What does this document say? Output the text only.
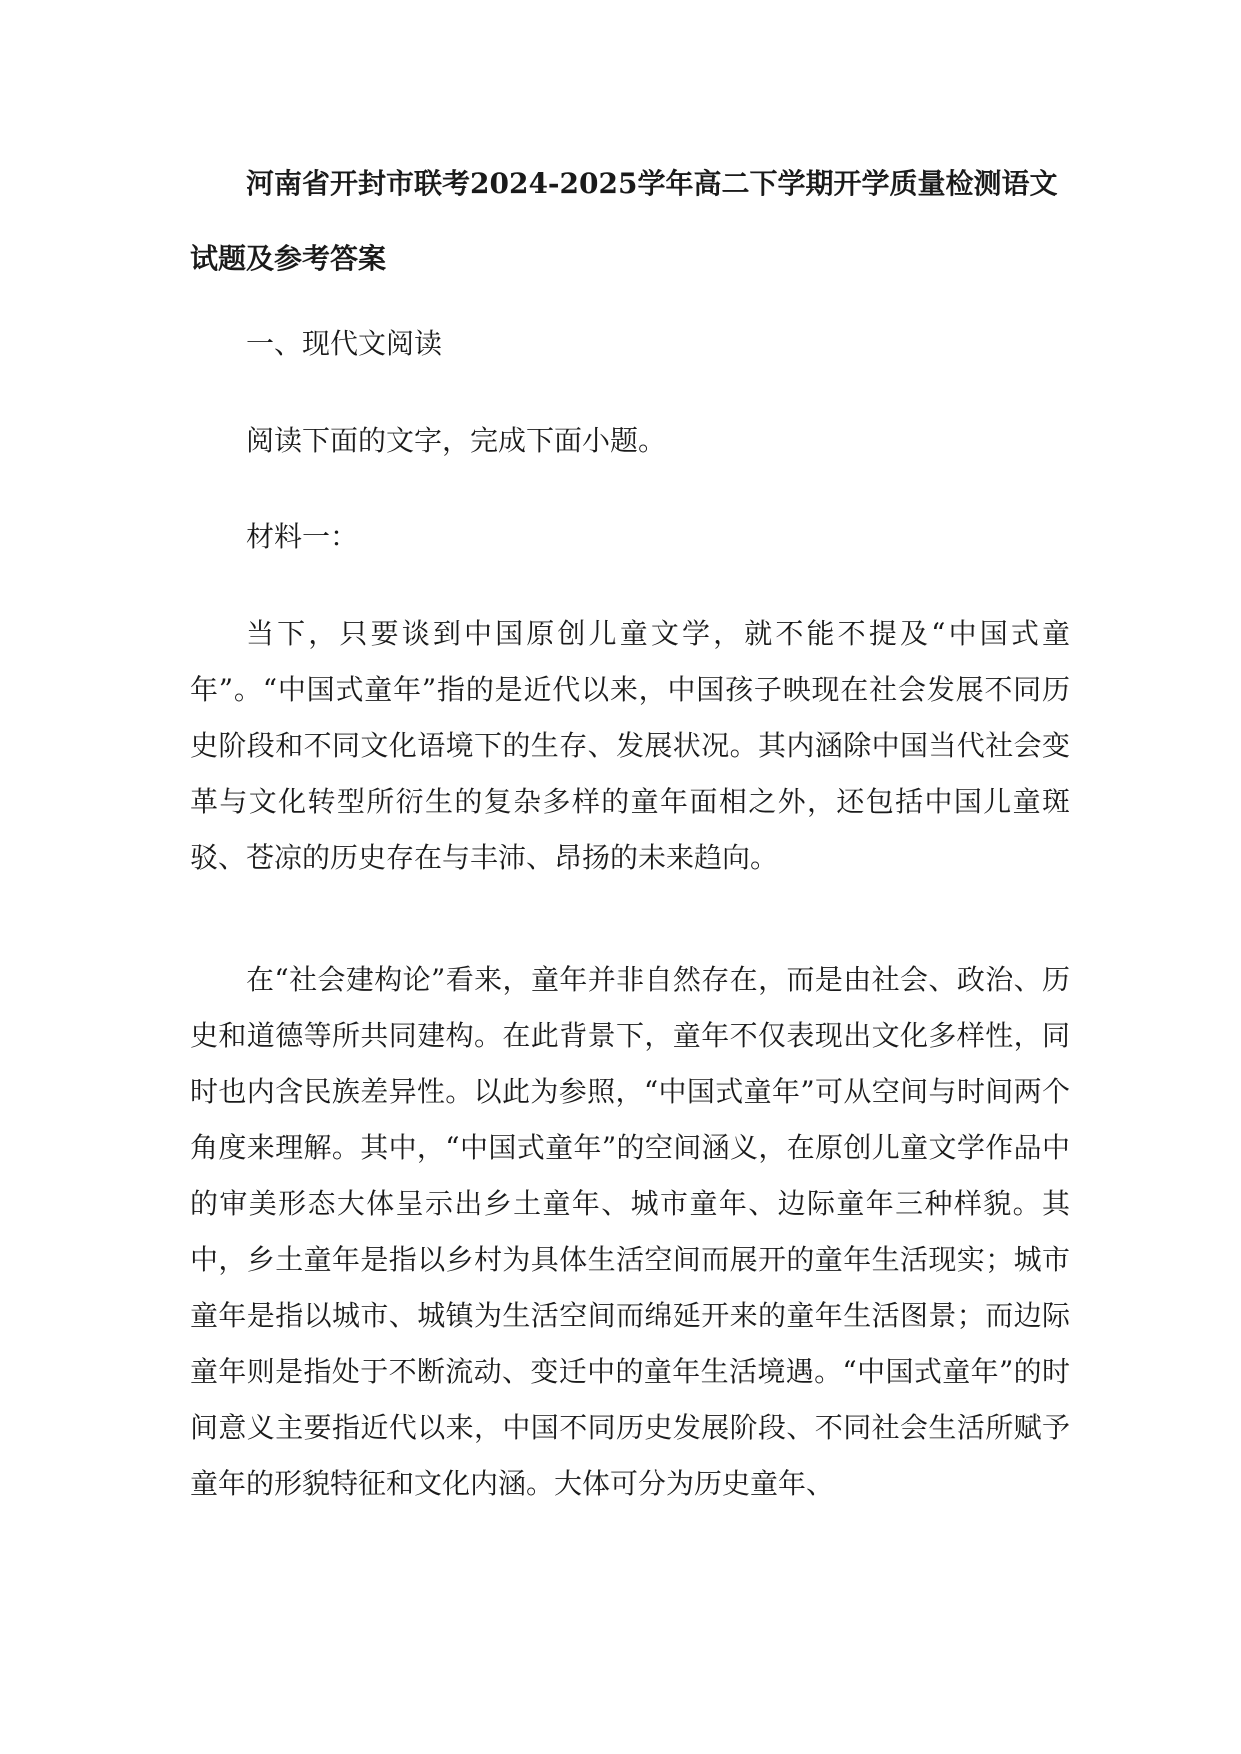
河南省开封市联考2024-2025学年高二下学期开学质量检测语文试题及参考答案

一、现代文阅读

阅读下面的文字，完成下面小题。

材料一：

当下，只要谈到中国原创儿童文学，就不能不提及“中国式童年”。“中国式童年”指的是近代以来，中国孩子映现在社会发展不同历史阶段和不同文化语境下的生存、发展状况。其内涵除中国当代社会变革与文化转型所衍生的复杂多样的童年面相之外，还包括中国儿童斑驳、苍凉的历史存在与丰沛、昂扬的未来趋向。

在“社会建构论”看来，童年并非自然存在，而是由社会、政治、历史和道德等所共同建构。在此背景下，童年不仅表现出文化多样性，同时也内含民族差异性。以此为参照，“中国式童年”可从空间与时间两个角度来理解。其中，“中国式童年”的空间涵义，在原创儿童文学作品中的审美形态大体呈示出乡土童年、城市童年、边际童年三种样貌。其中，乡土童年是指以乡村为具体生活空间而展开的童年生活现实；城市童年是指以城市、城镇为生活空间而绵延开来的童年生活图景；而边际童年则是指处于不断流动、变迁中的童年生活境遇。“中国式童年”的时间意义主要指近代以来，中国不同历史发展阶段、不同社会生活所赋予童年的形貌特征和文化内涵。大体可分为历史童年、
